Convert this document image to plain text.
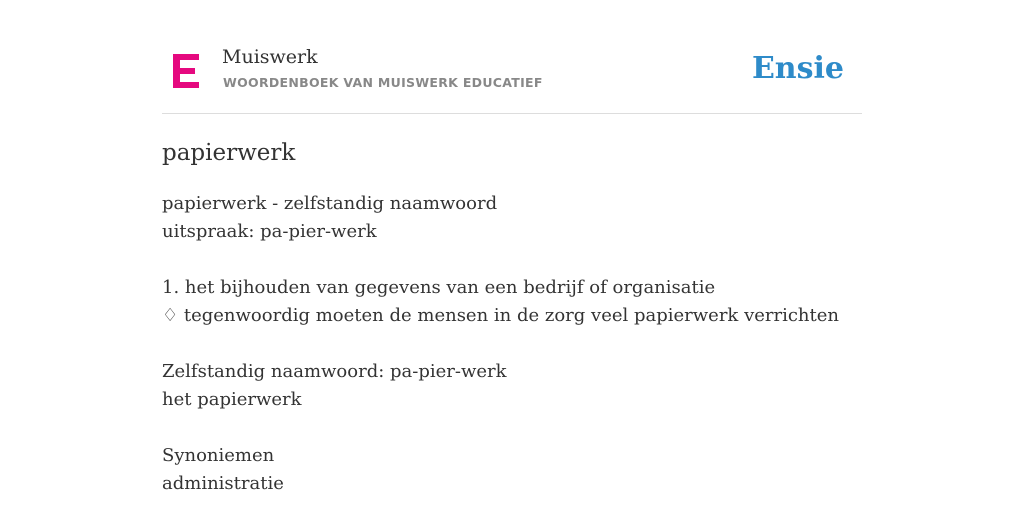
Muiswerk
WOORDENBOEK VAN MUISWERK EDUCATIEF	Ensie
papierwerk
papierwerk - zelfstandig naamwoord
uitspraak: pa-pier-werk
1. het bijhouden van gegevens van een bedrijf of organisatie
♢ tegenwoordig moeten de mensen in de zorg veel papierwerk verrichten
Zelfstandig naamwoord: pa-pier-werk
het papierwerk
Synoniemen
administratie
